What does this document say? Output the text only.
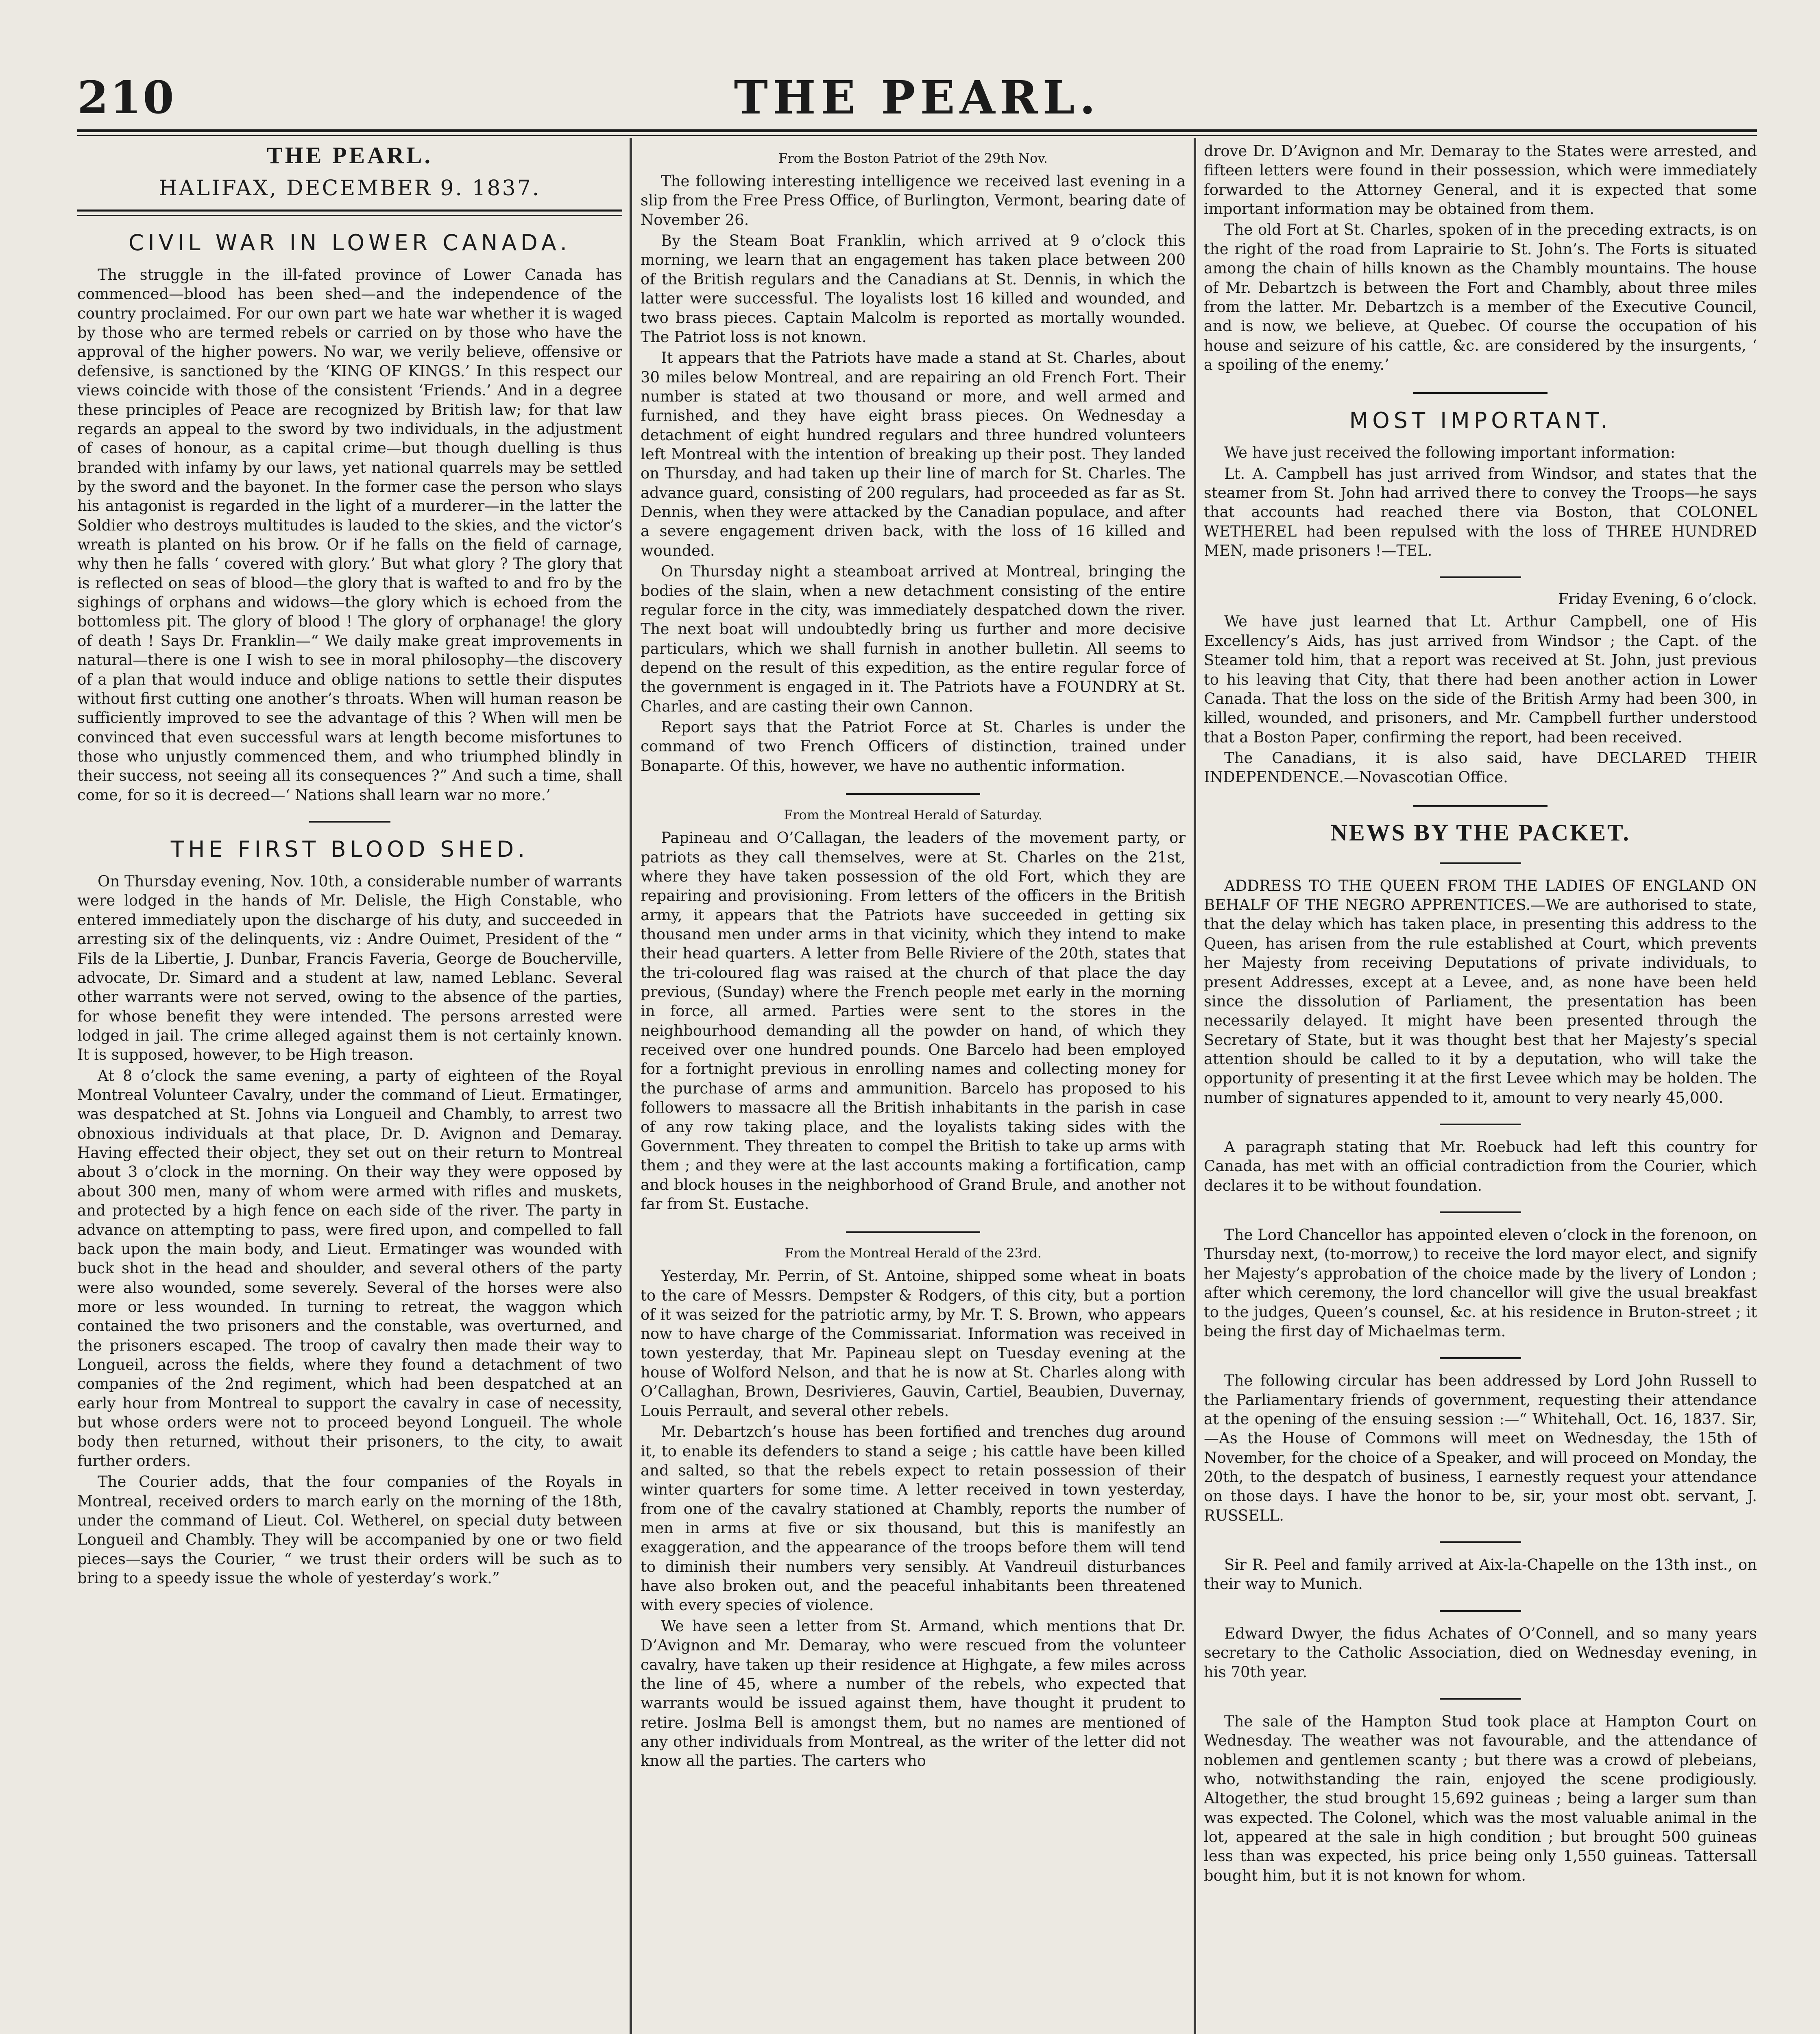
210	THE PEARL.
THE PEARL.
HALIFAX, DECEMBER 9. 1837.
CIVIL WAR IN LOWER CANADA.

The struggle in the ill-fated province of Lower Canada has commenced—blood has been shed—and the independence of the country proclaimed. For our own part we hate war whether it is waged by those who are termed rebels or carried on by those who have the approval of the higher powers. No war, we verily believe, offensive or defensive, is sanctioned by the ‘KING OF KINGS.’ In this respect our views coincide with those of the consistent ‘Friends.’ And in a degree these principles of Peace are recognized by British law; for that law regards an appeal to the sword by two individuals, in the adjustment of cases of honour, as a capital crime—but though duelling is thus branded with infamy by our laws, yet national quarrels may be settled by the sword and the bayonet. In the former case the person who slays his antagonist is regarded in the light of a murderer—in the latter the Soldier who destroys multitudes is lauded to the skies, and the victor’s wreath is planted on his brow. Or if he falls on the field of carnage, why then he falls ‘ covered with glory.’ But what glory ? The glory that is reflected on seas of blood—the glory that is wafted to and fro by the sighings of orphans and widows—the glory which is echoed from the bottomless pit. The glory of blood ! The glory of orphanage! the glory of death ! Says Dr. Franklin—“ We daily make great improvements in natural—there is one I wish to see in moral philosophy—the discovery of a plan that would induce and oblige nations to settle their disputes without first cutting one another’s throats. When will human reason be sufficiently improved to see the advantage of this ? When will men be convinced that even successful wars at length become misfortunes to those who unjustly commenced them, and who triumphed blindly in their success, not seeing all its consequences ?” And such a time, shall come, for so it is decreed—‘ Nations shall learn war no more.’

THE FIRST BLOOD SHED.

On Thursday evening, Nov. 10th, a considerable number of warrants were lodged in the hands of Mr. Delisle, the High Constable, who entered immediately upon the discharge of his duty, and succeeded in arresting six of the delinquents, viz : Andre Ouimet, President of the “ Fils de la Libertie, J. Dunbar, Francis Faveria, George de Boucherville, advocate, Dr. Simard and a student at law, named Leblanc. Several other warrants were not served, owing to the absence of the parties, for whose benefit they were intended. The persons arrested were lodged in jail. The crime alleged against them is not certainly known. It is supposed, however, to be High treason.

At 8 o’clock the same evening, a party of eighteen of the Royal Montreal Volunteer Cavalry, under the command of Lieut. Ermatinger, was despatched at St. Johns via Longueil and Chambly, to arrest two obnoxious individuals at that place, Dr. D. Avignon and Demaray. Having effected their object, they set out on their return to Montreal about 3 o’clock in the morning. On their way they were opposed by about 300 men, many of whom were armed with rifles and muskets, and protected by a high fence on each side of the river. The party in advance on attempting to pass, were fired upon, and compelled to fall back upon the main body, and Lieut. Ermatinger was wounded with buck shot in the head and shoulder, and several others of the party were also wounded, some severely. Several of the horses were also more or less wounded. In turning to retreat, the waggon which contained the two prisoners and the constable, was overturned, and the prisoners escaped. The troop of cavalry then made their way to Longueil, across the fields, where they found a detachment of two companies of the 2nd regiment, which had been despatched at an early hour from Montreal to support the cavalry in case of necessity, but whose orders were not to proceed beyond Longueil. The whole body then returned, without their prisoners, to the city, to await further orders.

The Courier adds, that the four companies of the Royals in Montreal, received orders to march early on the morning of the 18th, under the command of Lieut. Col. Wetherel, on special duty between Longueil and Chambly. They will be accompanied by one or two field pieces—says the Courier, “ we trust their orders will be such as to bring to a speedy issue the whole of yesterday’s work.”

From the Boston Patriot of the 29th Nov.

The following interesting intelligence we received last evening in a slip from the Free Press Office, of Burlington, Vermont, bearing date of November 26.

By the Steam Boat Franklin, which arrived at 9 o’clock this morning, we learn that an engagement has taken place between 200 of the British regulars and the Canadians at St. Dennis, in which the latter were successful. The loyalists lost 16 killed and wounded, and two brass pieces. Captain Malcolm is reported as mortally wounded. The Patriot loss is not known.

It appears that the Patriots have made a stand at St. Charles, about 30 miles below Montreal, and are repairing an old French Fort. Their number is stated at two thousand or more, and well armed and furnished, and they have eight brass pieces. On Wednesday a detachment of eight hundred regulars and three hundred volunteers left Montreal with the intention of breaking up their post. They landed on Thursday, and had taken up their line of march for St. Charles. The advance guard, consisting of 200 regulars, had proceeded as far as St. Dennis, when they were attacked by the Canadian populace, and after a severe engagement driven back, with the loss of 16 killed and wounded.

On Thursday night a steamboat arrived at Montreal, bringing the bodies of the slain, when a new detachment consisting of the entire regular force in the city, was immediately despatched down the river. The next boat will undoubtedly bring us further and more decisive particulars, which we shall furnish in another bulletin. All seems to depend on the result of this expedition, as the entire regular force of the government is engaged in it. The Patriots have a FOUNDRY at St. Charles, and are casting their own Cannon.

Report says that the Patriot Force at St. Charles is under the command of two French Officers of distinction, trained under Bonaparte. Of this, however, we have no authentic information.

From the Montreal Herald of Saturday.

Papineau and O’Callagan, the leaders of the movement party, or patriots as they call themselves, were at St. Charles on the 21st, where they have taken possession of the old Fort, which they are repairing and provisioning. From letters of the officers in the British army, it appears that the Patriots have succeeded in getting six thousand men under arms in that vicinity, which they intend to make their head quarters. A letter from Belle Riviere of the 20th, states that the tri-coloured flag was raised at the church of that place the day previous, (Sunday) where the French people met early in the morning in force, all armed. Parties were sent to the stores in the neighbourhood demanding all the powder on hand, of which they received over one hundred pounds. One Barcelo had been employed for a fortnight previous in enrolling names and collecting money for the purchase of arms and ammunition. Barcelo has proposed to his followers to massacre all the British inhabitants in the parish in case of any row taking place, and the loyalists taking sides with the Government. They threaten to compel the British to take up arms with them ; and they were at the last accounts making a fortification, camp and block houses in the neighborhood of Grand Brule, and another not far from St. Eustache.

From the Montreal Herald of the 23rd.

Yesterday, Mr. Perrin, of St. Antoine, shipped some wheat in boats to the care of Messrs. Dempster & Rodgers, of this city, but a portion of it was seized for the patriotic army, by Mr. T. S. Brown, who appears now to have charge of the Commissariat. Information was received in town yesterday, that Mr. Papineau slept on Tuesday evening at the house of Wolford Nelson, and that he is now at St. Charles along with O’Callaghan, Brown, Desrivieres, Gauvin, Cartiel, Beaubien, Duvernay, Louis Perrault, and several other rebels.

Mr. Debartzch’s house has been fortified and trenches dug around it, to enable its defenders to stand a seige ; his cattle have been killed and salted, so that the rebels expect to retain possession of their winter quarters for some time. A letter received in town yesterday, from one of the cavalry stationed at Chambly, reports the number of men in arms at five or six thousand, but this is manifestly an exaggeration, and the appearance of the troops before them will tend to diminish their numbers very sensibly. At Vandreuil disturbances have also broken out, and the peaceful inhabitants been threatened with every species of violence.

We have seen a letter from St. Armand, which mentions that Dr. D’Avignon and Mr. Demaray, who were rescued from the volunteer cavalry, have taken up their residence at Highgate, a few miles across the line of 45, where a number of the rebels, who expected that warrants would be issued against them, have thought it prudent to retire. Joslma Bell is amongst them, but no names are mentioned of any other individuals from Montreal, as the writer of the letter did not know all the parties. The carters who

drove Dr. D’Avignon and Mr. Demaray to the States were arrested, and fifteen letters were found in their possession, which were immediately forwarded to the Attorney General, and it is expected that some important information may be obtained from them.

The old Fort at St. Charles, spoken of in the preceding extracts, is on the right of the road from Laprairie to St. John’s. The Forts is situated among the chain of hills known as the Chambly mountains. The house of Mr. Debartzch is between the Fort and Chambly, about three miles from the latter. Mr. Debartzch is a member of the Executive Council, and is now, we believe, at Quebec. Of course the occupation of his house and seizure of his cattle, &c. are considered by the insurgents, ‘ a spoiling of the enemy.’

MOST IMPORTANT.

We have just received the following important information:

Lt. A. Campbell has just arrived from Windsor, and states that the steamer from St. John had arrived there to convey the Troops—he says that accounts had reached there via Boston, that COLONEL WETHEREL had been repulsed with the loss of THREE HUNDRED MEN, made prisoners !—TEL.

Friday Evening, 6 o’clock.

We have just learned that Lt. Arthur Campbell, one of His Excellency’s Aids, has just arrived from Windsor ; the Capt. of the Steamer told him, that a report was received at St. John, just previous to his leaving that City, that there had been another action in Lower Canada. That the loss on the side of the British Army had been 300, in killed, wounded, and prisoners, and Mr. Campbell further understood that a Boston Paper, confirming the report, had been received.

The Canadians, it is also said, have DECLARED THEIR INDEPENDENCE.—Novascotian Office.

NEWS BY THE PACKET.

ADDRESS TO THE QUEEN FROM THE LADIES OF ENGLAND ON BEHALF OF THE NEGRO APPRENTICES.—We are authorised to state, that the delay which has taken place, in presenting this address to the Queen, has arisen from the rule established at Court, which prevents her Majesty from receiving Deputations of private individuals, to present Addresses, except at a Levee, and, as none have been held since the dissolution of Parliament, the presentation has been necessarily delayed. It might have been presented through the Secretary of State, but it was thought best that her Majesty’s special attention should be called to it by a deputation, who will take the opportunity of presenting it at the first Levee which may be holden. The number of signatures appended to it, amount to very nearly 45,000.

A paragraph stating that Mr. Roebuck had left this country for Canada, has met with an official contradiction from the Courier, which declares it to be without foundation.

The Lord Chancellor has appointed eleven o’clock in the forenoon, on Thursday next, (to-morrow,) to receive the lord mayor elect, and signify her Majesty’s approbation of the choice made by the livery of London ; after which ceremony, the lord chancellor will give the usual breakfast to the judges, Queen’s counsel, &c. at his residence in Bruton-street ; it being the first day of Michaelmas term.

The following circular has been addressed by Lord John Russell to the Parliamentary friends of government, requesting their attendance at the opening of the ensuing session :—“ Whitehall, Oct. 16, 1837. Sir,—As the House of Commons will meet on Wednesday, the 15th of November, for the choice of a Speaker, and will proceed on Monday, the 20th, to the despatch of business, I earnestly request your attendance on those days. I have the honor to be, sir, your most obt. servant, J. RUSSELL.

Sir R. Peel and family arrived at Aix-la-Chapelle on the 13th inst., on their way to Munich.

Edward Dwyer, the fidus Achates of O’Connell, and so many years secretary to the Catholic Association, died on Wednesday evening, in his 70th year.

The sale of the Hampton Stud took place at Hampton Court on Wednesday. The weather was not favourable, and the attendance of noblemen and gentlemen scanty ; but there was a crowd of plebeians, who, notwithstanding the rain, enjoyed the scene prodigiously. Altogether, the stud brought 15,692 guineas ; being a larger sum than was expected. The Colonel, which was the most valuable animal in the lot, appeared at the sale in high condition ; but brought 500 guineas less than was expected, his price being only 1,550 guineas. Tattersall bought him, but it is not known for whom.
